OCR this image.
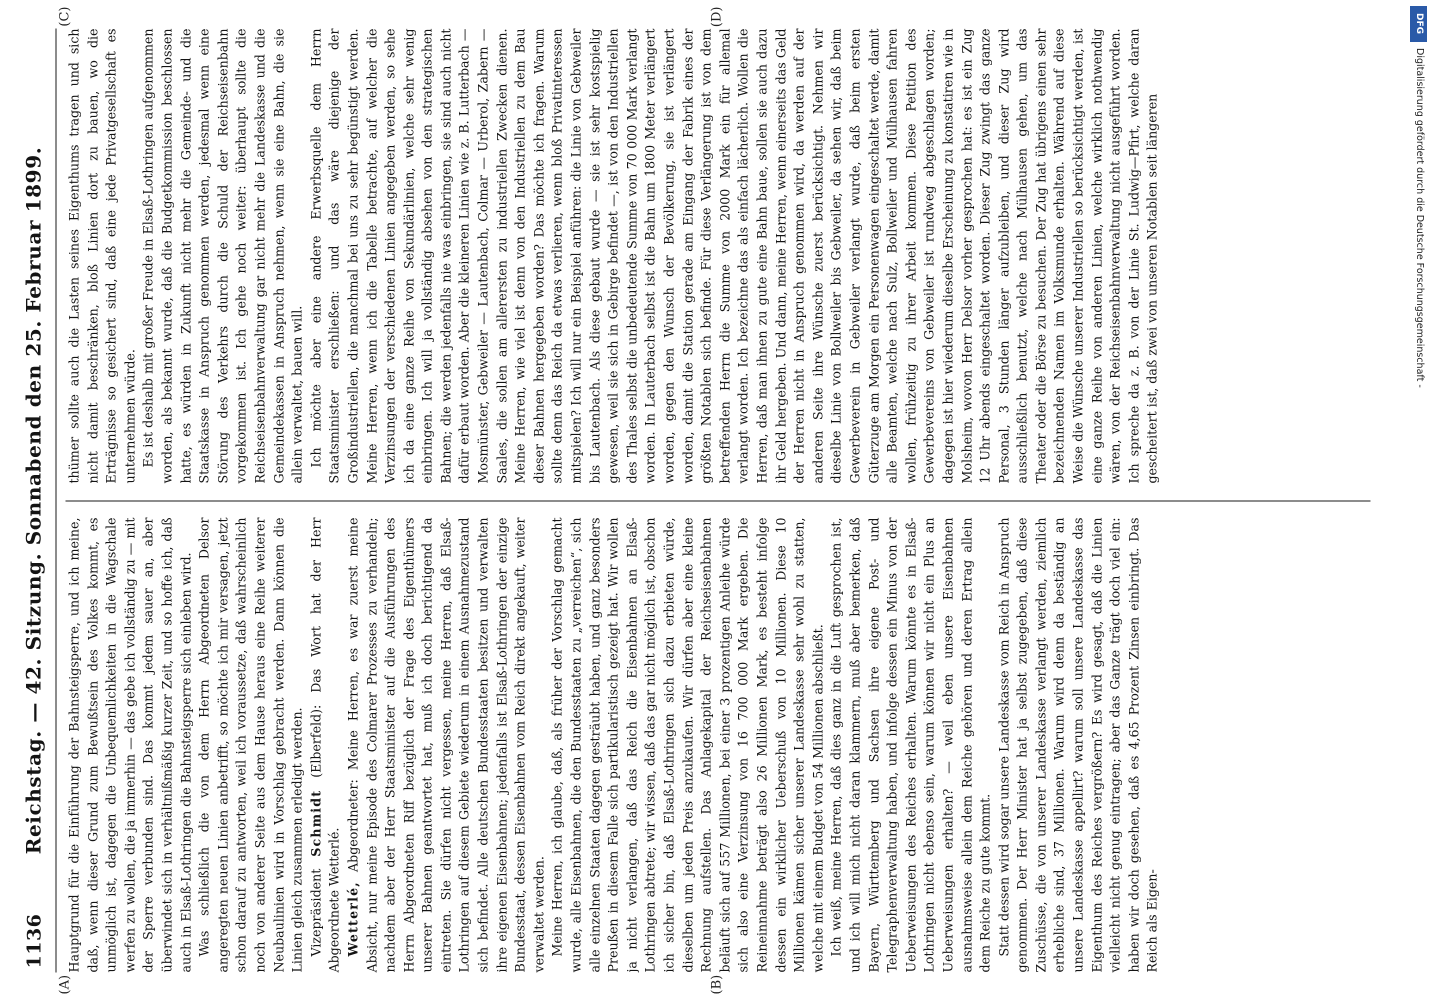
DFG
Digitalisierung gefördert durch die Deutsche Forschungsgemeinschaft -
1136
Reichstag. — 42. Sitzung. Sonnabend den 25. Februar 1899.
(A)	(B)
(C)	(D)

Hauptgrund für die Einführung der Bahnsteigsperre, und ich meine, daß, wenn dieser Grund zum Bewußtsein des Volkes kommt, es unmöglich ist, dagegen die Unbequemlichkeiten in die Wagschale werfen zu wollen, die ja immerhin — das gebe ich vollständig zu — mit der Sperre verbunden sind. Das kommt jedem sauer an, aber überwindet sich in verhältnißmäßig kurzer Zeit, und so hoffe ich, daß auch in Elsaß-Lothringen die Bahnsteigsperre sich einleben wird. Was schließlich die von dem Herrn Abgeordneten Delsor angeregten neuen Linien anbetrifft, so möchte ich mir versagen, jetzt schon darauf zu antworten, weil ich voraussetze, daß wahrscheinlich noch von anderer Seite aus dem Hause heraus eine Reihe weiterer Neubaulinien wird in Vorschlag gebracht werden. Dann können die Linien gleich zusammen erledigt werden. Vizepräsident Schmidt (Elberfeld): Das Wort hat der Herr Abgeordnete Wetterlé. Wetterlé, Abgeordneter: Meine Herren, es war zuerst meine Absicht, nur meine Episode des Colmarer Prozesses zu verhandeln; nachdem aber der Herr Staatsminister auf die Ausführungen des Herrn Abgeordneten Riff bezüglich der Frage des Eigenthümers unserer Bahnen geantwortet hat, muß ich doch berichtigend da eintreten. Sie dürfen nicht vergessen, meine Herren, daß Elsaß-Lothringen auf diesem Gebiete wiederum in einem Ausnahmezustand sich befindet. Alle deutschen Bundesstaaten besitzen und verwalten ihre eigenen Eisenbahnen; jedenfalls ist Elsaß-Lothringen der einzige Bundesstaat, dessen Eisenbahnen vom Reich direkt angekauft, weiter verwaltet werden. Meine Herren, ich glaube, daß, als früher der Vorschlag gemacht wurde, alle Eisenbahnen, die den Bundesstaaten zu „verreichen“, sich alle einzelnen Staaten dagegen gesträubt haben, und ganz besonders Preußen in diesem Falle sich partikularistisch gezeigt hat. Wir wollen ja nicht verlangen, daß das Reich die Eisenbahnen an Elsaß-Lothringen abtrete; wir wissen, daß das gar nicht möglich ist, obschon ich sicher bin, daß Elsaß-Lothringen sich dazu erbieten würde, dieselben um jeden Preis anzukaufen. Wir dürfen aber eine kleine Rechnung aufstellen. Das Anlagekapital der Reichseisenbahnen beläuft sich auf 557 Millionen, bei einer 3 prozentigen Anleihe würde sich also eine Verzinsung von 16 700 000 Mark ergeben. Die Reineinnahme beträgt also 26 Millionen Mark, es besteht infolge dessen ein wirklicher Ueberschuß von 10 Millionen. Diese 10 Millionen kämen sicher unserer Landeskasse sehr wohl zu statten, welche mit einem Budget von 54 Millionen abschließt. Ich weiß, meine Herren, daß dies ganz in die Luft gesprochen ist, und ich will mich nicht daran klammern, muß aber bemerken, daß Bayern, Württemberg und Sachsen ihre eigene Post- und Telegraphenverwaltung haben, und infolge dessen ein Minus von der Ueberweisungen des Reiches erhalten. Warum könnte es in Elsaß-Lothringen nicht ebenso sein, warum können wir nicht ein Plus an Ueberweisungen erhalten? — weil eben unsere Eisenbahnen ausnahmsweise allein dem Reiche gehören und deren Ertrag allein dem Reiche zu gute kommt. Statt dessen wird sogar unsere Landeskasse vom Reich in Anspruch genommen. Der Herr Minister hat ja selbst zugegeben, daß diese Zuschüsse, die von unserer Landeskasse verlangt werden, ziemlich erhebliche sind, 37 Millionen. Warum wird denn da beständig an unsere Landeskasse appellirt? warum soll unsere Landeskasse das Eigenthum des Reiches vergrößern? Es wird gesagt, daß die Linien vielleicht nicht genug eintragen; aber das Ganze trägt doch viel ein: haben wir doch gesehen, daß es 4,65 Prozent Zinsen einbringt. Das Reich als Eigen-

thümer sollte auch die Lasten seines Eigenthums tragen und sich nicht damit beschränken, bloß Linien dort zu bauen, wo die Erträgnisse so gesichert sind, daß eine jede Privatgesellschaft es unternehmen würde. Es ist deshalb mit großer Freude in Elsaß-Lothringen aufgenommen worden, als bekannt wurde, daß die Budgetkommission beschlossen hatte, es würden in Zukunft nicht mehr die Gemeinde- und die Staatskasse in Anspruch genommen werden, jedesmal wenn eine Störung des Verkehrs durch die Schuld der Reichseisenbahn vorgekommen ist. Ich gehe noch weiter: überhaupt sollte die Reichseisenbahnverwaltung gar nicht mehr die Landeskasse und die Gemeindekassen in Anspruch nehmen, wenn sie eine Bahn, die sie allein verwaltet, bauen will. Ich möchte aber eine andere Erwerbsquelle dem Herrn Staatsminister erschließen: und das wäre diejenige der Großindustriellen, die manchmal bei uns zu sehr begünstigt werden. Meine Herren, wenn ich die Tabelle betrachte, auf welcher die Verzinsungen der verschiedenen Linien angegeben werden, so sehe ich da eine ganze Reihe von Sekundärlinien, welche sehr wenig einbringen. Ich will ja vollständig absehen von den strategischen Bahnen; die werden jedenfalls nie was einbringen, sie sind auch nicht dafür erbaut worden. Aber die kleineren Linien wie z. B. Lutterbach — Mosmünster, Gebweiler — Lautenbach, Colmar — Urberol, Zabern — Saales, die sollen am allerersten zu industriellen Zwecken dienen. Meine Herren, wie viel ist denn von den Industriellen zu dem Bau dieser Bahnen hergegeben worden? Das möchte ich fragen. Warum sollte denn das Reich da etwas verlieren, wenn bloß Privatinteressen mitspielen? Ich will nur ein Beispiel anführen: die Linie von Gebweiler bis Lautenbach. Als diese gebaut wurde — sie ist sehr kostspielig gewesen, weil sie sich in Gebirge befindet —, ist von den Industriellen des Thales selbst die unbedeutende Summe von 70 000 Mark verlangt worden. In Lauterbach selbst ist die Bahn um 1800 Meter verlängert worden, gegen den Wunsch der Bevölkerung, sie ist verlängert worden, damit die Station gerade am Eingang der Fabrik eines der größten Notablen sich befinde. Für diese Verlängerung ist von dem betreffenden Herrn die Summe von 2000 Mark ein für allemal verlangt worden. Ich bezeichne das als einfach lächerlich. Wollen die Herren, daß man ihnen zu gute eine Bahn baue, sollen sie auch dazu ihr Geld hergeben. Und dann, meine Herren, wenn einerseits das Geld der Herren nicht in Anspruch genommen wird, da werden auf der anderen Seite ihre Wünsche zuerst berücksichtigt. Nehmen wir dieselbe Linie von Bollweiler bis Gebweiler, da sehen wir, daß beim Gewerbeverein in Gebweiler verlangt wurde, daß beim ersten Güterzuge am Morgen ein Personenwagen eingeschaltet werde, damit alle Beamten, welche nach Sulz, Bollweiler und Mülhausen fahren wollen, frühzeitig zu ihrer Arbeit kommen. Diese Petition des Gewerbevereins von Gebweiler ist rundweg abgeschlagen worden; dagegen ist hier wiederum dieselbe Erscheinung zu konstatiren wie in Molsheim, wovon Herr Delsor vorher gesprochen hat: es ist ein Zug 12 Uhr abends eingeschaltet worden. Dieser Zug zwingt das ganze Personal, 3 Stunden länger aufzubleiben, und dieser Zug wird ausschließlich benutzt, welche nach Mülhausen gehen, um das Theater oder die Börse zu besuchen. Der Zug hat übrigens einen sehr bezeichnenden Namen im Volksmunde erhalten. Während auf diese Weise die Wünsche unserer Industriellen so berücksichtigt werden, ist eine ganze Reihe von anderen Linien, welche wirklich nothwendig wären, von der Reichseisenbahnverwaltung nicht ausgeführt worden. Ich spreche da z. B. von der Linie St. Ludwig—Pfirt, welche daran gescheitert ist, daß zwei von unseren Notablen seit längeren
